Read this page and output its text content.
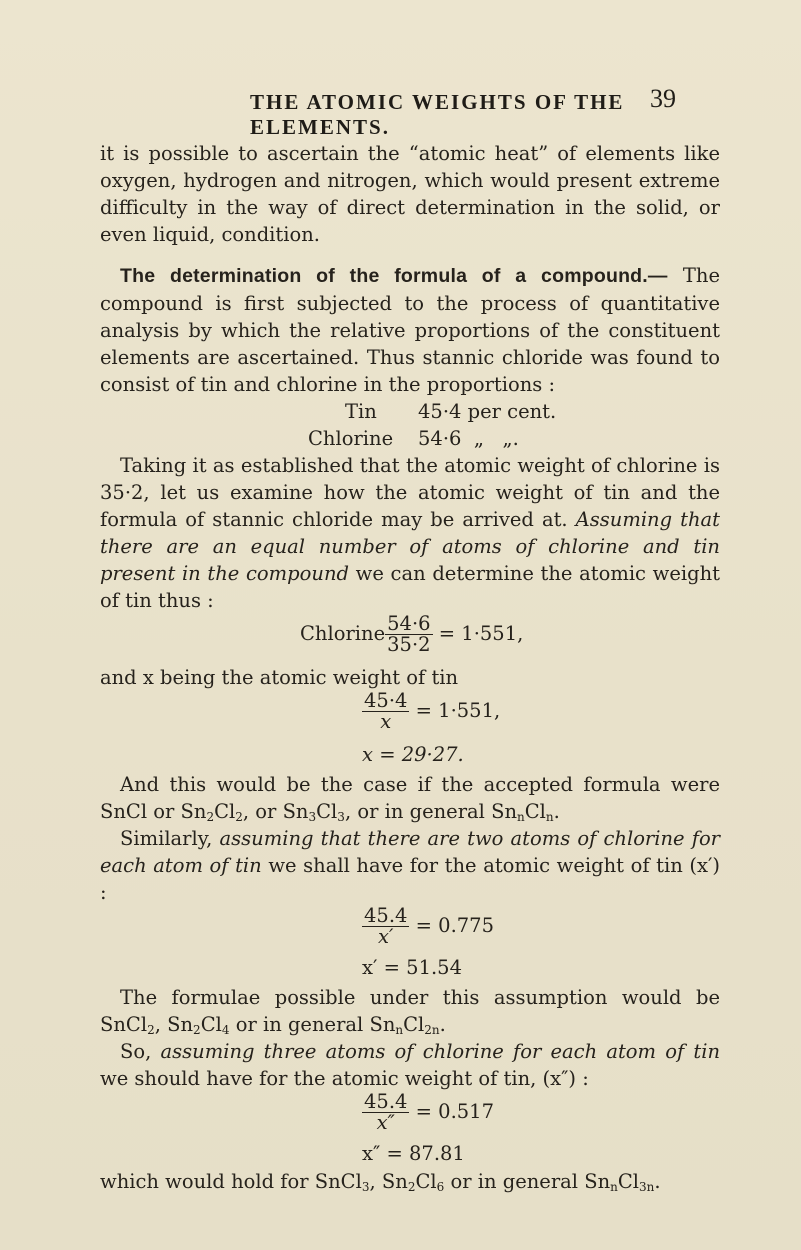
THE ATOMIC WEIGHTS OF THE ELEMENTS.
39

it is possible to ascertain the “atomic heat” of elements like oxygen, hydrogen and nitrogen, which would present extreme difficulty in the way of direct determination in the solid, or even liquid, condition.

The determination of the formula of a compound.— The compound is first subjected to the process of quantitative analysis by which the relative proportions of the constituent elements are ascertained. Thus stannic chloride was found to consist of tin and chlorine in the proportions :

Tin 45·4 per cent.
Chlorine 54·6  „   „.

Taking it as established that the atomic weight of chlorine is 35·2, let us examine how the atomic weight of tin and the formula of stannic chloride may be arrived at. Assuming that there are an equal number of atoms of chlorine and tin present in the compound we can determine the atomic weight of tin thus :

Chlorine $\frac{54\cdot 6}{35\cdot 2} = 1\cdot 551$,

and x being the atomic weight of tin

$\frac{45\cdot 4}{x} = 1\cdot 551$,
x = 29·27.

And this would be the case if the accepted formula were SnCl or $Sn_2Cl_2$, or $Sn_3Cl_3$, or in general $Sn_nCl_n$.

Similarly, assuming that there are two atoms of chlorine for each atom of tin we shall have for the atomic weight of tin (x′) :

$\frac{45.4}{x'} = 0.775$
x′ = 51.54

The formulae possible under this assumption would be SnCl$_2$, $Sn_2Cl_4$ or in general $Sn_nCl_{2n}$.

So, assuming three atoms of chlorine for each atom of tin we should have for the atomic weight of tin, (x″) :

$\frac{45.4}{x''} = 0.517$
x″ = 87.81

which would hold for SnCl$_3$, $Sn_2Cl_6$ or in general $Sn_nCl_{3n}$.
